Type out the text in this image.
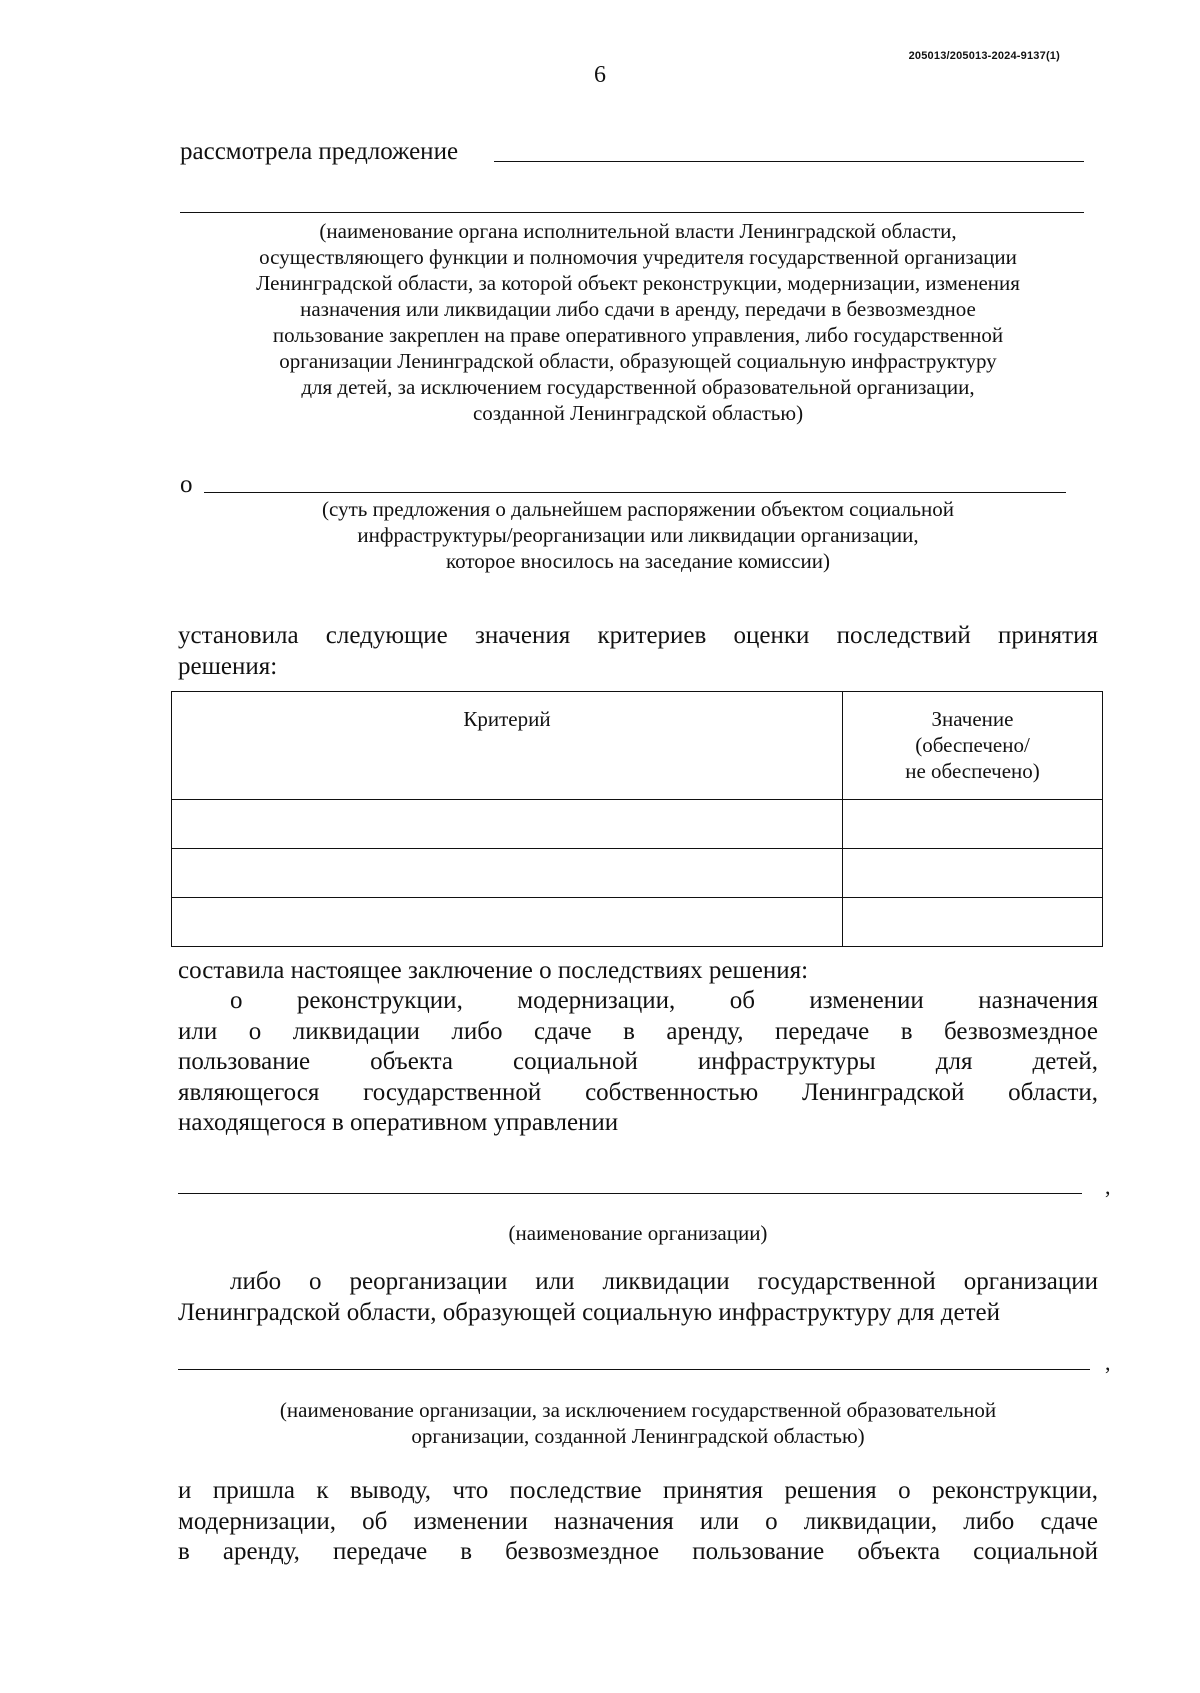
205013/205013-2024-9137(1)
6
рассмотрела предложение
(наименование органа исполнительной власти Ленинградской области,
осуществляющего функции и полномочия учредителя государственной организации
Ленинградской области, за которой объект реконструкции, модернизации, изменения
назначения или ликвидации либо сдачи в аренду, передачи в безвозмездное
пользование закреплен на праве оперативного управления, либо государственной
организации Ленинградской области, образующей социальную инфраструктуру
для детей, за исключением государственной образовательной организации,
созданной Ленинградской областью)
о
(суть предложения о дальнейшем распоряжении объектом социальной
инфраструктуры/реорганизации или ликвидации организации,
которое вносилось на заседание комиссии)
установила следующие значения критериев оценки последствий принятия
решения:
Критерий	Значение
(обеспечено/
не обеспечено)

составила настоящее заключение о последствиях решения:
о реконструкции, модернизации, об изменении назначения
или о ликвидации либо сдаче в аренду, передаче в безвозмездное
пользование объекта социальной инфраструктуры для детей,
являющегося государственной собственностью Ленинградской области,
находящегося в оперативном управлении
,
(наименование организации)
либо о реорганизации или ликвидации государственной организации
Ленинградской области, образующей социальную инфраструктуру для детей
,
(наименование организации, за исключением государственной образовательной
организации, созданной Ленинградской областью)
и пришла к выводу, что последствие принятия решения о реконструкции,
модернизации, об изменении назначения или о ликвидации, либо сдаче
в аренду, передаче в безвозмездное пользование объекта социальной
